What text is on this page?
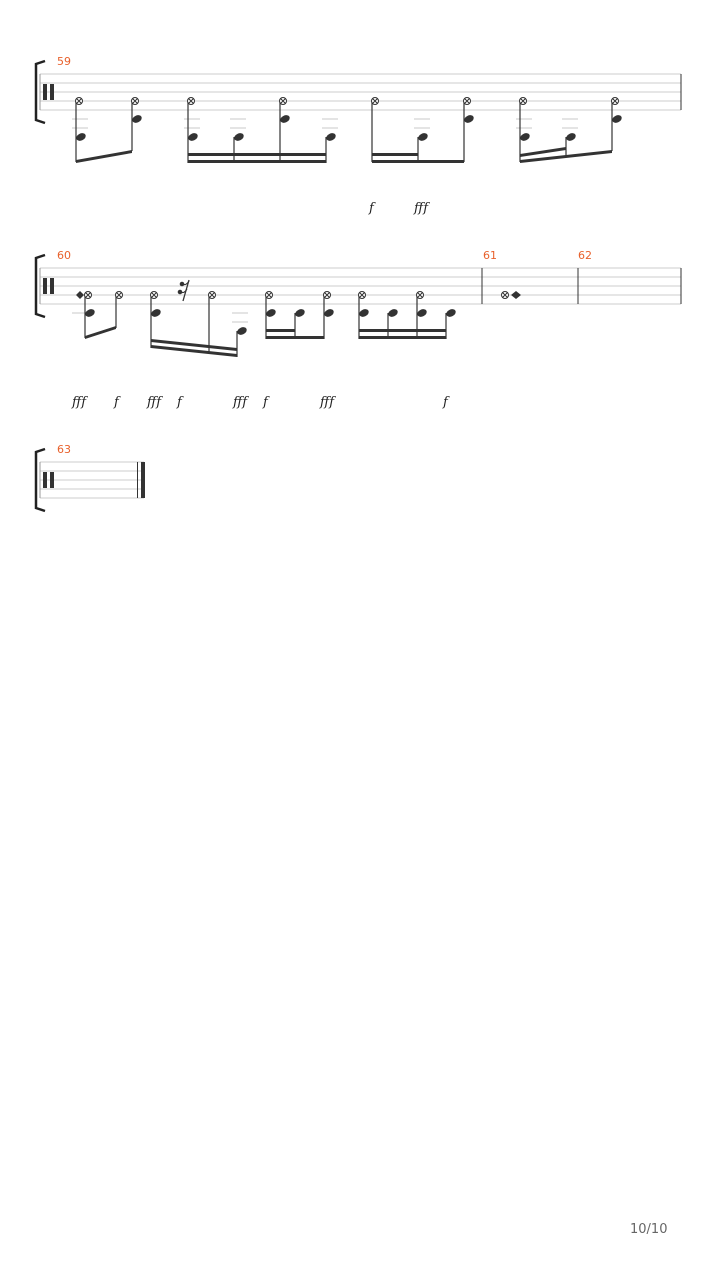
59
f	fff
60	61	62
fff f fff f	fff f	fff	f
63
10/10
